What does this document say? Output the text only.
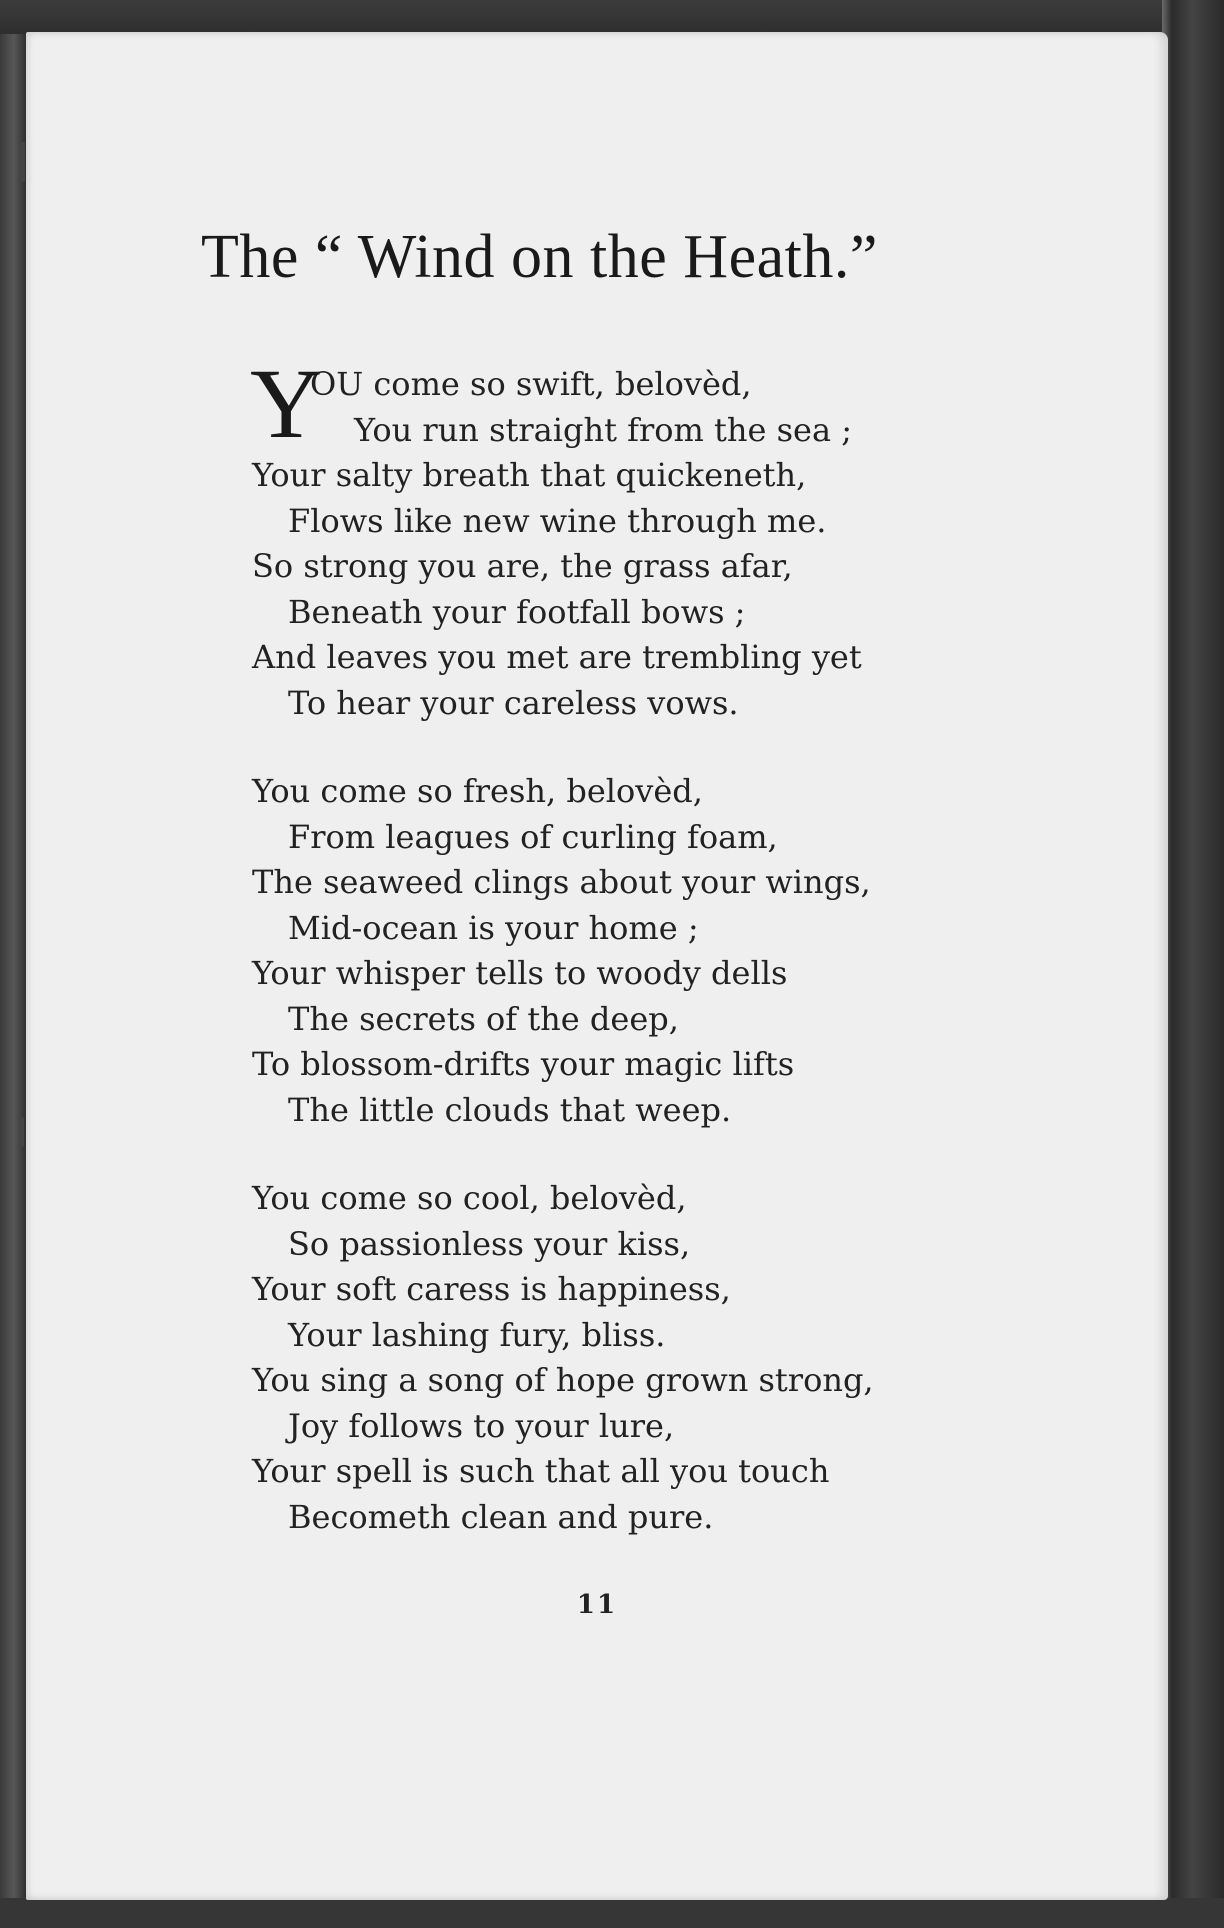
The “ Wind on the Heath.”
Y
OU come so swift, belovèd,
You run straight from the sea ;
Your salty breath that quickeneth,
Flows like new wine through me.
So strong you are, the grass afar,
Beneath your footfall bows ;
And leaves you met are trembling yet
To hear your careless vows.
You come so fresh, belovèd,
From leagues of curling foam,
The seaweed clings about your wings,
Mid-ocean is your home ;
Your whisper tells to woody dells
The secrets of the deep,
To blossom-drifts your magic lifts
The little clouds that weep.
You come so cool, belovèd,
So passionless your kiss,
Your soft caress is happiness,
Your lashing fury, bliss.
You sing a song of hope grown strong,
Joy follows to your lure,
Your spell is such that all you touch
Becometh clean and pure.
11
